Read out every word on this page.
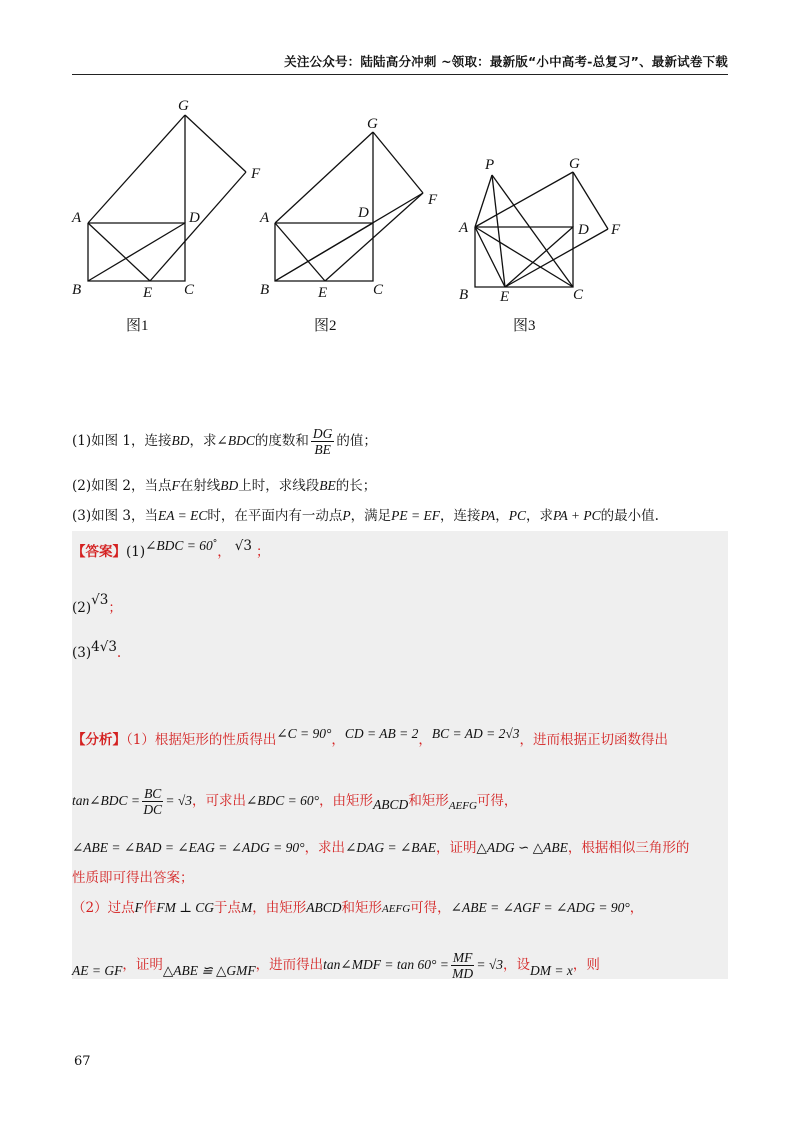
关注公众号：陆陆高分冲刺 ~领取：最新版“小中高考-总复习”、最新试卷下载
G
F
A	D
B	E C
图1
G
F
A	D
B	E	C
图2
P	G
A	D F
B E	C
图3
(1)如图 1，连接BD，求∠BDC的度数和 $\frac{DG}{BE}$ 的值；
(2)如图 2，当点F在射线BD上时，求线段BE的长；
(3)如图 3，当EA = EC时，在平面内有一动点P，满足PE = EF，连接PA，PC，求PA + PC的最小值.
【答案】(1)∠BDC = 60°， √3 ；
(2)√3；
(3)4√3.
【分析】（1）根据矩形的性质得出∠C = 90°，CD = AB = 2，BC = AD = 2√3，进而根据正切函数得出
tan∠BDC = $\frac{BC}{DC} = √3$，可求出∠BDC = 60°，由矩形ABCD和矩形$_{AEFG}$可得，
∠ABE = ∠BAD = ∠EAG = ∠ADG = 90°，求出∠DAG = ∠BAE，证明△ADG ∽ △ABE，根据相似三角形的
性质即可得出答案；
（2）过点F作FM ⊥ CG于点M，由矩形ABCD和矩形AEFG可得，∠ABE = ∠AGF = ∠ADG = 90°，
AE = GF，证明△ABE ≌ △GMF，进而得出tan∠MDF = $\tan 60^\circ = \frac{MF}{MD} = √3$，设DM = x，则
67
